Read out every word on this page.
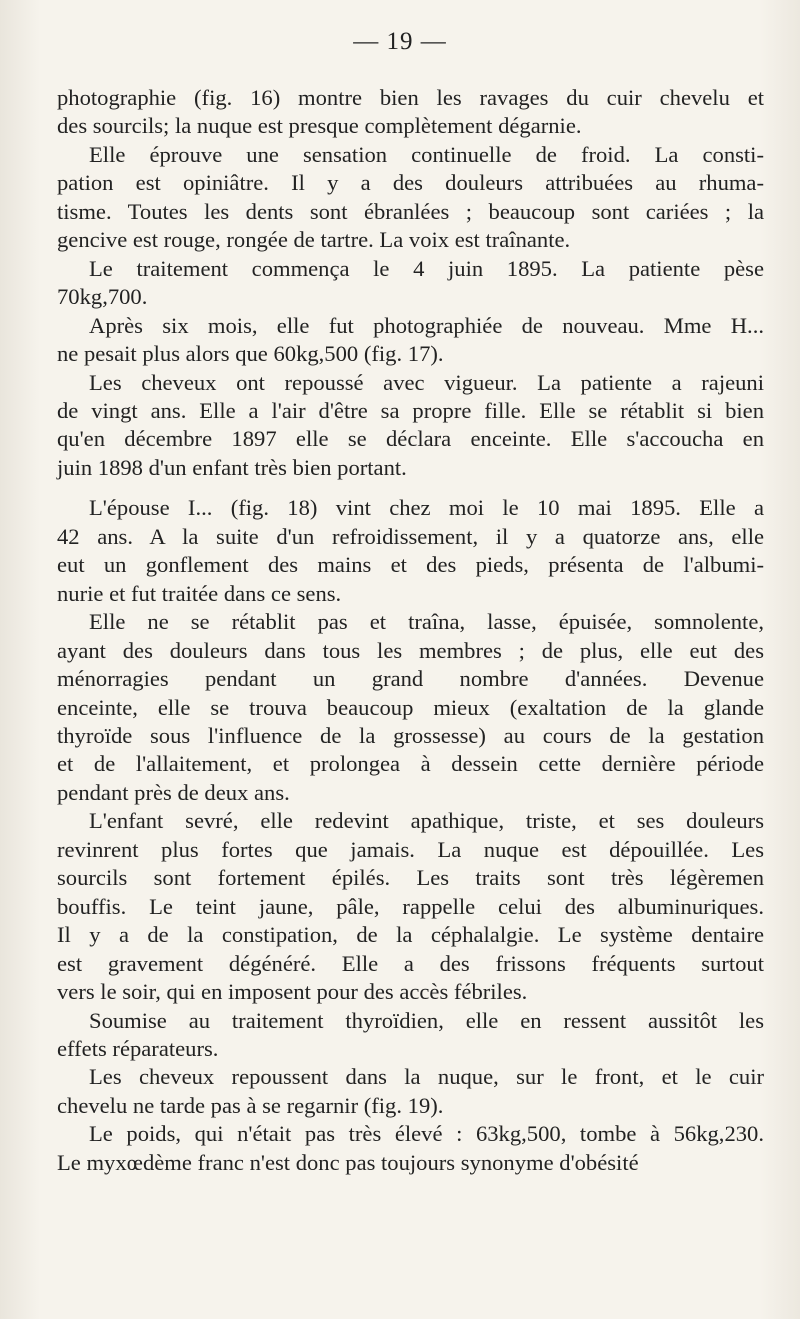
— 19 —
photographie (fig. 16) montre bien les ravages du cuir chevelu et
des sourcils; la nuque est presque complètement dégarnie.
Elle éprouve une sensation continuelle de froid. La consti-
pation est opiniâtre. Il y a des douleurs attribuées au rhuma-
tisme. Toutes les dents sont ébranlées ; beaucoup sont cariées ; la
gencive est rouge, rongée de tartre. La voix est traînante.
Le traitement commença le 4 juin 1895. La patiente pèse
70kg,700.
Après six mois, elle fut photographiée de nouveau. Mme H...
ne pesait plus alors que 60kg,500 (fig. 17).
Les cheveux ont repoussé avec vigueur. La patiente a rajeuni
de vingt ans. Elle a l'air d'être sa propre fille. Elle se rétablit si bien
qu'en décembre 1897 elle se déclara enceinte. Elle s'accoucha en
juin 1898 d'un enfant très bien portant.
L'épouse I... (fig. 18) vint chez moi le 10 mai 1895. Elle a
42 ans. A la suite d'un refroidissement, il y a quatorze ans, elle
eut un gonflement des mains et des pieds, présenta de l'albumi-
nurie et fut traitée dans ce sens.
Elle ne se rétablit pas et traîna, lasse, épuisée, somnolente,
ayant des douleurs dans tous les membres ; de plus, elle eut des
ménorragies pendant un grand nombre d'années. Devenue
enceinte, elle se trouva beaucoup mieux (exaltation de la glande
thyroïde sous l'influence de la grossesse) au cours de la gestation
et de l'allaitement, et prolongea à dessein cette dernière période
pendant près de deux ans.
L'enfant sevré, elle redevint apathique, triste, et ses douleurs
revinrent plus fortes que jamais. La nuque est dépouillée. Les
sourcils sont fortement épilés. Les traits sont très légèremen
bouffis. Le teint jaune, pâle, rappelle celui des albuminuriques.
Il y a de la constipation, de la céphalalgie. Le système dentaire
est gravement dégénéré. Elle a des frissons fréquents surtout
vers le soir, qui en imposent pour des accès fébriles.
Soumise au traitement thyroïdien, elle en ressent aussitôt les
effets réparateurs.
Les cheveux repoussent dans la nuque, sur le front, et le cuir
chevelu ne tarde pas à se regarnir (fig. 19).
Le poids, qui n'était pas très élevé : 63kg,500, tombe à 56kg,230.
Le myxœdème franc n'est donc pas toujours synonyme d'obésité
